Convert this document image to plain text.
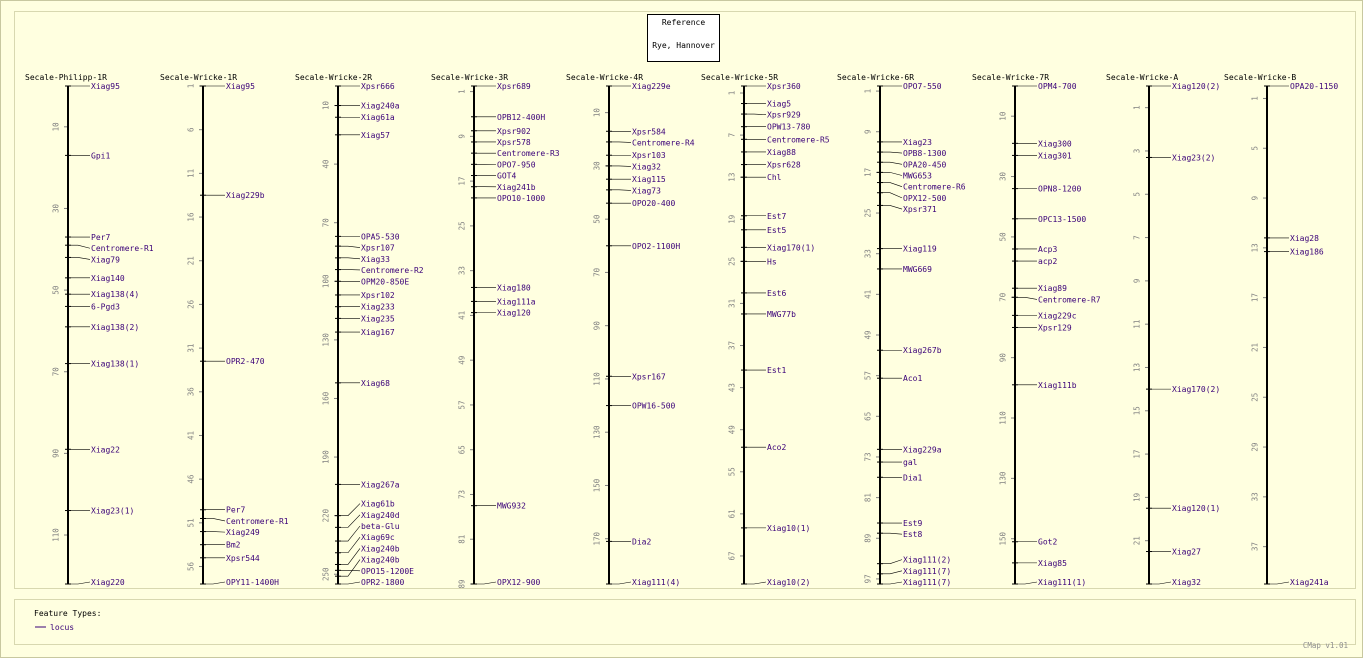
Reference
Rye, Hannover
Secale-Philipp-1R
10
30
50
70
90
110
Xiag95
Gpi1
Per7
Centromere-R1
Xiag79
Xiag140
Xiag138(4)
6-Pgd3
Xiag138(2)
Xiag138(1)
Xiag22
Xiag23(1)
Xiag220
Secale-Wricke-1R
1
6
11
16
21
26
31
36
41
46
51
56
Xiag95
Xiag229b
OPR2-470
Per7
Centromere-R1
Xiag249
Bm2
Xpsr544
OPY11-1400H
Secale-Wricke-2R
10
40
70
100
130
160
190
220
250
Xpsr666
Xiag240a
Xiag61a
Xiag57
OPA5-530
Xpsr107
Xiag33
Centromere-R2
OPM20-850E
Xpsr102
Xiag233
Xiag235
Xiag167
Xiag68
Xiag267a
Xiag61b
Xiag240d
beta-Glu
Xiag69c
Xiag240b
Xiag240b
OPO15-1200E
OPR2-1800
Secale-Wricke-3R
1
9
17
25
33
41
49
57
65
73
81
89
Xpsr689
OPB12-400H
Xpsr902
Xpsr578
Centromere-R3
OPO7-950
GOT4
Xiag241b
OPO10-1000
Xiag180
Xiag111a
Xiag120
MWG932
OPX12-900
Secale-Wricke-4R
10
30
50
70
90
110
130
150
170
Xiag229e
Xpsr584
Centromere-R4
Xpsr103
Xiag32
Xiag115
Xiag73
OPO20-400
OPO2-1100H
Xpsr167
OPW16-500
Dia2
Xiag111(4)
Secale-Wricke-5R
1
7
13
19
25
31
37
43
49
55
61
67
Xpsr360
Xiag5
Xpsr929
OPW13-780
Centromere-R5
Xiag88
Xpsr628
Chl
Est7
Est5
Xiag170(1)
Hs
Est6
MWG77b
Est1
Aco2
Xiag10(1)
Xiag10(2)
Secale-Wricke-6R
1
9
17
25
33
41
49
57
65
73
81
89
97
OPO7-550
Xiag23
OPB8-1300
OPA20-450
MWG653
Centromere-R6
OPX12-500
Xpsr371
Xiag119
MWG669
Xiag267b
Aco1
Xiag229a
gal
Dia1
Est9
Est8
Xiag111(2)
Xiag111(7)
Xiag111(7)
Secale-Wricke-7R
10
30
50
70
90
110
130
150
OPM4-700
Xiag300
Xiag301
OPN8-1200
OPC13-1500
Acp3
acp2
Xiag89
Centromere-R7
Xiag229c
Xpsr129
Xiag111b
Got2
Xiag85
Xiag111(1)
Secale-Wricke-A
1
3
5
7
9
11
13
15
17
19
21
Xiag120(2)
Xiag23(2)
Xiag170(2)
Xiag120(1)
Xiag27
Xiag32
Secale-Wricke-B
1
5
9
13
17
21
25
29
33
37
OPA20-1150
Xiag28
Xiag186
Xiag241a
Feature Types:
locus
CMap v1.01
